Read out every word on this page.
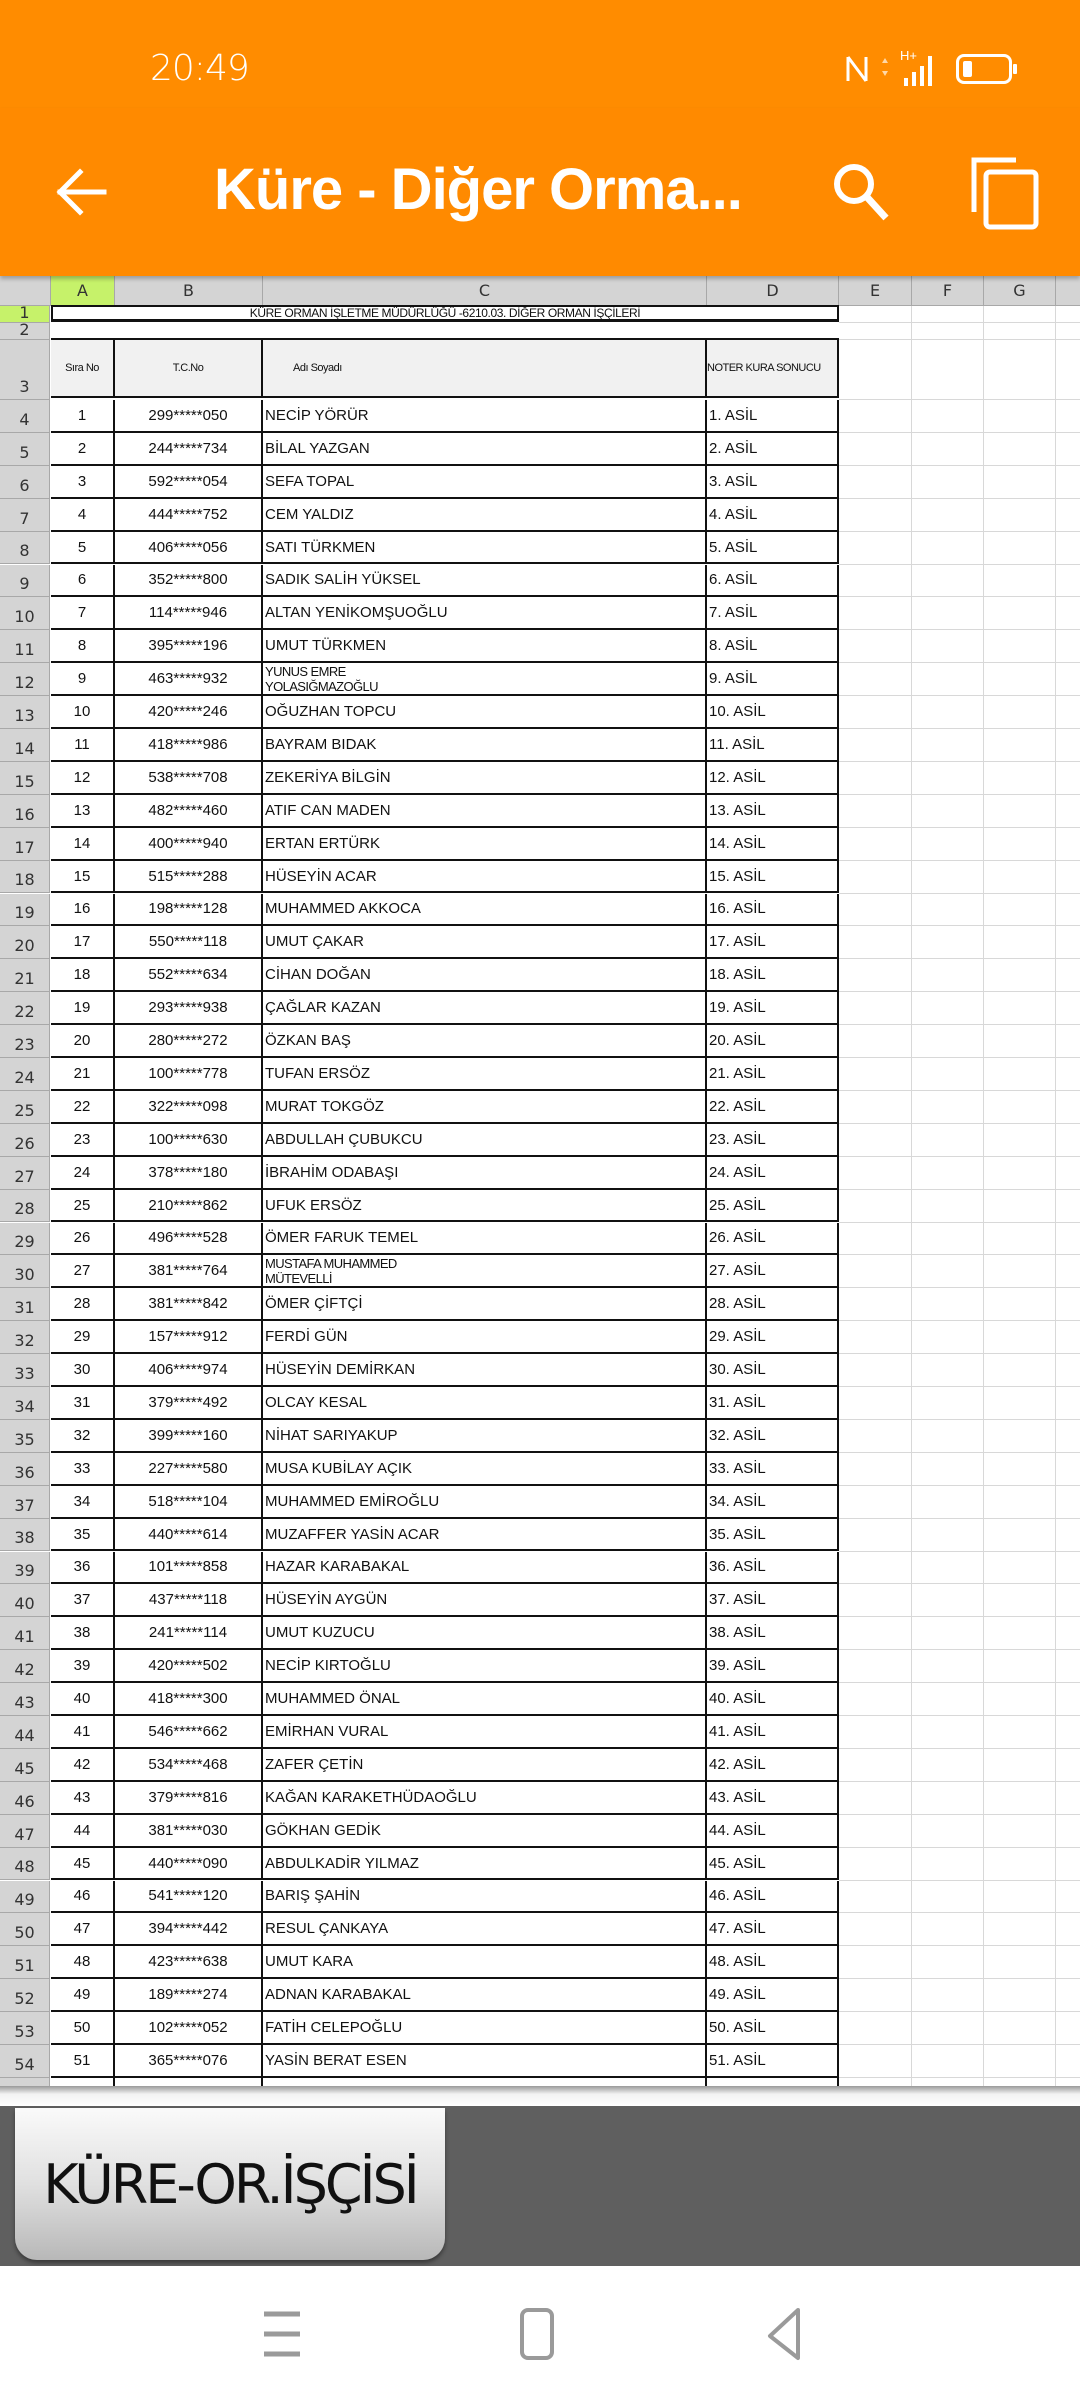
20:49	H+
Küre - Diğer Orma...
A	B	C	D	E	F	G
KÜRE ORMAN İŞLETME MÜDÜRLÜĞÜ -6210.03. DİĞER ORMAN İŞÇİLERİ
Sıra No	T.C.No	Adı Soyadı	NOTER KURA SONUCU
1
2
3
4
5
6
7
8
9
10
11
12
13
14
15
16
17
18
19
20
21
22
23
24
25
26
27
28
29
30
31
32
33
34
35
36
37
38
39
40
41
42
43
44
45
46
47
48
49
50
51
52
53
54
1	299*****050 NECİP YÖRÜR	1. ASİL
2	244*****734 BİLAL YAZGAN	2. ASİL
3	592*****054 SEFA TOPAL	3. ASİL
4	444*****752 CEM YALDIZ	4. ASİL
5	406*****056 SATI TÜRKMEN	5. ASİL
6	352*****800 SADIK SALİH YÜKSEL	6. ASİL
7	114*****946	ALTAN YENİKOMŞUOĞLU	7. ASİL
8	395*****196 UMUT TÜRKMEN	8. ASİL
9	463*****932	YUNUS EMRE
YOLASIĞMAZOĞLU	9. ASİL
10	420*****246 OĞUZHAN TOPCU	10. ASİL
11	418*****986 BAYRAM BIDAK	11. ASİL
12	538*****708 ZEKERİYA BİLGİN	12. ASİL
13	482*****460 ATIF CAN MADEN	13. ASİL
14	400*****940 ERTAN ERTÜRK	14. ASİL
15	515*****288 HÜSEYİN ACAR	15. ASİL
16	198*****128 MUHAMMED AKKOCA	16. ASİL
17	550*****118	UMUT ÇAKAR	17. ASİL
18	552*****634 CİHAN DOĞAN	18. ASİL
19	293*****938 ÇAĞLAR KAZAN	19. ASİL
20	280*****272 ÖZKAN BAŞ	20. ASİL
21	100*****778 TUFAN ERSÖZ	21. ASİL
22	322*****098 MURAT TOKGÖZ	22. ASİL
23	100*****630 ABDULLAH ÇUBUKCU	23. ASİL
24	378*****180 İBRAHİM ODABAŞI	24. ASİL
25	210*****862 UFUK ERSÖZ	25. ASİL
26	496*****528 ÖMER FARUK TEMEL	26. ASİL
27	381*****764	MUSTAFA MUHAMMED
MÜTEVELLİ	27. ASİL
28	381*****842 ÖMER ÇİFTÇİ	28. ASİL
29	157*****912 FERDİ GÜN	29. ASİL
30	406*****974 HÜSEYİN DEMİRKAN	30. ASİL
31	379*****492 OLCAY KESAL	31. ASİL
32	399*****160 NİHAT SARIYAKUP	32. ASİL
33	227*****580 MUSA KUBİLAY AÇIK	33. ASİL
34	518*****104 MUHAMMED EMİROĞLU	34. ASİL
35	440*****614 MUZAFFER YASİN ACAR	35. ASİL
36	101*****858 HAZAR KARABAKAL	36. ASİL
37	437*****118	HÜSEYİN AYGÜN	37. ASİL
38	241*****114	UMUT KUZUCU	38. ASİL
39	420*****502 NECİP KIRTOĞLU	39. ASİL
40	418*****300 MUHAMMED ÖNAL	40. ASİL
41	546*****662 EMİRHAN VURAL	41. ASİL
42	534*****468 ZAFER ÇETİN	42. ASİL
43	379*****816 KAĞAN KARAKETHÜDAOĞLU	43. ASİL
44	381*****030 GÖKHAN GEDİK	44. ASİL
45	440*****090 ABDULKADİR YILMAZ	45. ASİL
46	541*****120 BARIŞ ŞAHİN	46. ASİL
47	394*****442 RESUL ÇANKAYA	47. ASİL
48	423*****638 UMUT KARA	48. ASİL
49	189*****274 ADNAN KARABAKAL	49. ASİL
50	102*****052 FATİH CELEPOĞLU	50. ASİL
51	365*****076 YASİN BERAT ESEN	51. ASİL
KÜRE-OR.İŞÇİSİ
